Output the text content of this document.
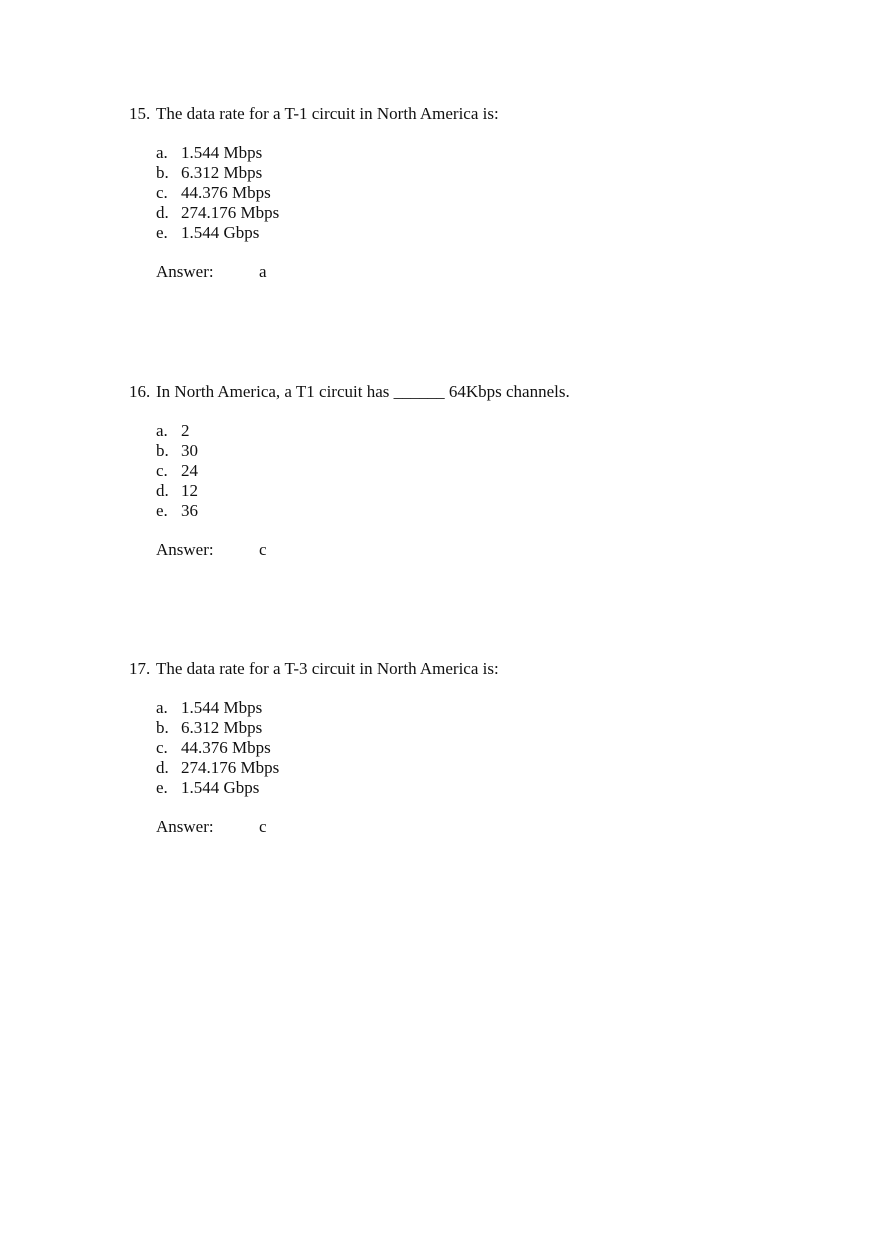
15. The data rate for a T-1 circuit in North America is:
a. 1.544 Mbps
b. 6.312 Mbps
c. 44.376 Mbps
d. 274.176 Mbps
e. 1.544 Gbps
Answer:	a
16. In North America, a T1 circuit has ______ 64Kbps channels.
a. 2
b. 30
c. 24
d. 12
e. 36
Answer:	c
17. The data rate for a T-3 circuit in North America is:
a. 1.544 Mbps
b. 6.312 Mbps
c. 44.376 Mbps
d. 274.176 Mbps
e. 1.544 Gbps
Answer:	c
